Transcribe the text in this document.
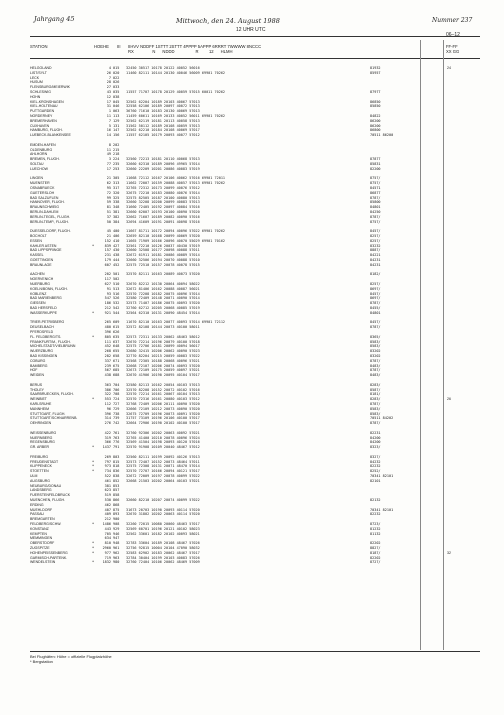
Jahrgang 45	Mittwoch, den 24. August 1988
12 UHR UTC
Nummer 237
06–12
STATION	HOEHE III IIHVV NDDFF 1STTT 2STTT 4PPPP 5APPP 6RRRT 7WWWW 8NCCC
RX                N      NDDD                  R         12      HLMH
FF-FF
XX GG
HELGOLAND	4 015 32450 30517 10178 20122 40052 56016	81932	24
LIST/SYLT	26 020 11460 82111 10144 20130 40046 56009 69901 70262	85957
LECK	7 022
HUSUM	28 026
FLENSBURG/MEIERWIK	27 033
SCHLESWIG	43 035 11557 71707 10178 20129 40059 57015 60011 70262	87977
HOHN	12 038
KIEL-KRONSHAGEN	17 045 32562 62204 10189 20103 40067 57013	86850
KIEL-HOLTENAU	31 046 32558 62106 10189 20097 40072 57013	85850
PUTTGARDEN	1 063 36760 71610 10183 20130 40069 57013
NORDERNEY	11 113 11459 60611 10169 20133 40052 56011 69901 70262	84822
BREMERHAVEN	7 129 32562 62119 10181 20113 40058 57013	86200
CUXHAVEN	5 131 31562 50112 10189 20108 40059 57013	86200
HAMBURG, FLUGH.	16 147 32562 62210 10184 20108 40069 57017	86800
LUEBECK-BLANKENSEE	14 156 11557 62105 10179 20093 40077 57012	70511 86200
EMDEN-HAFEN	8 202
OLDENBURG	11 215
AHLHORN	49 218
BREMEN, FLUGH.	3 224 32560 72213 10181 20110 40068 57013	87877
SOLTAU	77 235 32660 62310 10189 20096 49965 57014	85831
LUECHOW	17 253 32660 22209 10201 20086 40083 57019	82200
LINGEN	21 305 11668 72112 10167 20106 40062 57016 69901 72011	8757/
MUENSTER	62 313 11662 72007 10159 20088 40057 57013 69901 70262	8757/
OSNABRUECK	95 317 32765 72312 10173 20099 40076 57012	84571
GUETERSLOH	72 320 32675 72210 10183 20080 40076 57014	86877
BAD SALZUFLEN	99 325 32575 82505 10187 20100 40080 57013	8787/
HANNOVER, FLUGH.	59 338 32660 32208 10200 20099 40083 57013	85800
BRAUNSCHWEIG	81 348 31660 72405 10192 20097 40084 57016	84801
BERLIN-DAHLEM	51 381 32660 62007 10193 20100 40090 57020	84250
BERLIN-TEGEL, FLUGH.	37 382 32662 71607 10189 20082 40090 57016	8787/
BERLIN-TEMP., FLUGH.	50 384 32694 41609 10191 20091 40098 57016	8757/
DUESSELDORF, FLUGH.	45 400 11667 81711 10172 20094 40096 57022 69901 70262	8457/
BOCHOLT	21 406 32659 82110 10168 20099 40069 57020	8257/
ESSEN	152 410 11665 71909 10166 20096 40070 55029 69901 70162	8257/
KAHLER ASTEN	*	839 427 32561 72210 10126 20037 40430 57019	83232
BAD LIPPSPRINGE	157 430 32660 32508 10177 20098 40088 57011	8887/
KASSEL	231 438 32672 61911 10181 20086 40089 57014	84221
GOETTINGEN	179 444 32660 32506 10194 20070 40088 57010	84231
BRAUNLAGE	607 452 32575 72510 10157 20078 40078 57015	84231
AACHEN	202 501 32570 82111 10163 20089 40073 57020	8182/
NOERVENICH	117 502
NUERBURG	627 510 32670 82212 10130 20064 40094 58022	8257/
KOELN/BONN, FLUGH.	91 513 32672 81406 10162 20088 40087 56021	8697/
KOBLENZ	93 516 32570 72208 10182 20075 40096 57014	8457/
BAD MARIENBERG	547 526 32580 72409 10148 20071 40090 57014	8697/
GIESSEN	186 532 32573 71407 10186 20075 40093 57020	8787/
BAD HERSFELD	212 542 32760 62712 10205 20068 40085 57019	8455/
WASSERKUPPE	*	921 544 32564 62310 10131 20090 48454 57014	84801
TRIER-PETRISBERG	265 609 11670 82110 10163 20077 40093 57014 69901 72112	8457/
DEUSELBACH	480 615 32572 82108 10144 20073 40100 58011	8787/
PFERDSFELD	396 626
FL. FELDBERG/TS.	*	805 635 32573 72311 10133 20062 48463 58012	8365/
FRANKFURT/M., FLUGH.	111 637 32670 72214 10196 20079 40100 57018	8583/
MICHELSTADT/VIELBRUNN	452 648 32575 72706 10181 20099 40094 56017	8583/
WUERZBURG	268 655 32680 32415 10206 20062 40090 57023	83202
BAD KISSINGEN	282 658 32770 82204 10215 20059 40083 57022	83202
COBURG	337 671 32568 72305 10188 20068 40096 57021	8787/
BAMBERG	239 675 32668 72107 10206 20074 40093 57020	8483/
HOF	567 685 32673 72109 10175 20059 40097 57021	8787/
WEIDEN	438 688 32670 41906 10190 20095 40104 57017	8483/
BERUS	363 704 32580 82113 10162 20054 40103 57013	8283/
THOLEY	386 706 32570 82208 10152 20072 40102 57016	8587/
SAARBRUECKEN, FLUGH.	322 708 32570 72214 10161 20067 40104 57013	8181/
WEINBIET	*	553 724 32570 72316 10161 20080 40103 57012	8283/	26
KARLSRUHE	112 727 32768 72409 10206 20111 40090 57020	8787/
MANNHEIM	96 729 32666 72109 10212 20073 40090 57020	8583/
STUTTGART, FLUGH.	396 738 32675 72709 10196 20073 40091 57020	8583/
STUTTGART/SCHNARRENB.	314 739 31757 73109 10196 20106 40100 57017	70511 84202
OEHRINGEN	276 742 32664 72906 10190 20102 40100 57017	8787/
WEISSENBURG	422 761 32760 92306 10202 20063 40092 57021	82231
NUERNBERG	319 763 32765 41400 10210 20078 40096 57024	84200
REGENSBURG	366 776 32569 41504 10198 20093 40120 57016	84200
GR. ARBER	*	1437 791 32570 91908 10109 20040 48467 57012	8323/
FREIBURG	269 803 32560 82111 10199 20092 40126 57013	8327/
FREUDENSTADT	*	797 815 32573 72407 10152 20073 48464 57011	84232
KLIPPENECK	*	973 818 32575 72308 10131 20071 48470 57014	82232
STOETTEN	*	734 836 32570 72707 10166 20094 40121 57017	8252/
ULM	522 838 32672 72009 10197 20078 40099 57022	70341 82101
AUGSBURG	461 852 32668 21503 10202 20064 40103 57021	82101
NEUBURG/DONAU	381 853
LANDSBERG	623 857
FUERSTENFELDBRUCK	519 858
MUENCHEN, FLUGH.	530 866 32660 82210 10207 20074 40099 57022	82132
ERDING	462 868
MUEHLDORF	407 875 31673 20703 10190 20093 40114 57020	70341 82101
PASSAU	409 893 32670 31802 10202 20063 40114 57020	82232
BREMGARTEN	212 900
FELDBERG/SCHW.	*	1486 908 32260 72015 10080 20060 48463 57017	8723/
KONSTANZ	443 929 32569 60701 10196 20121 40102 58023	81232
KEMPTEN	705 946 32562 33601 10182 20102 40093 58021	81132
MEMMINGEN	634 947
OBERSTDORF	*	810 948 32783 33604 10189 20108 48467 57026	82202
ZUGSPITZE	*	2960 961 32756 92815 10004 20104 47090 58032	8827/
HOHENPEISSENBERG	*	977 962 32583 62902 10183 20062 48467 57017	8187/	32
GARMISCH-PARTENK.	719 963 32784 30404 10199 20103 40083 57026	82202
WENDELSTEIN	*	1832 980 32760 72404 10106 20062 48469 57009	8727/
Bei Flughäfen: Höhe = offizielle Flugplatzhöhe
* Bergstation
